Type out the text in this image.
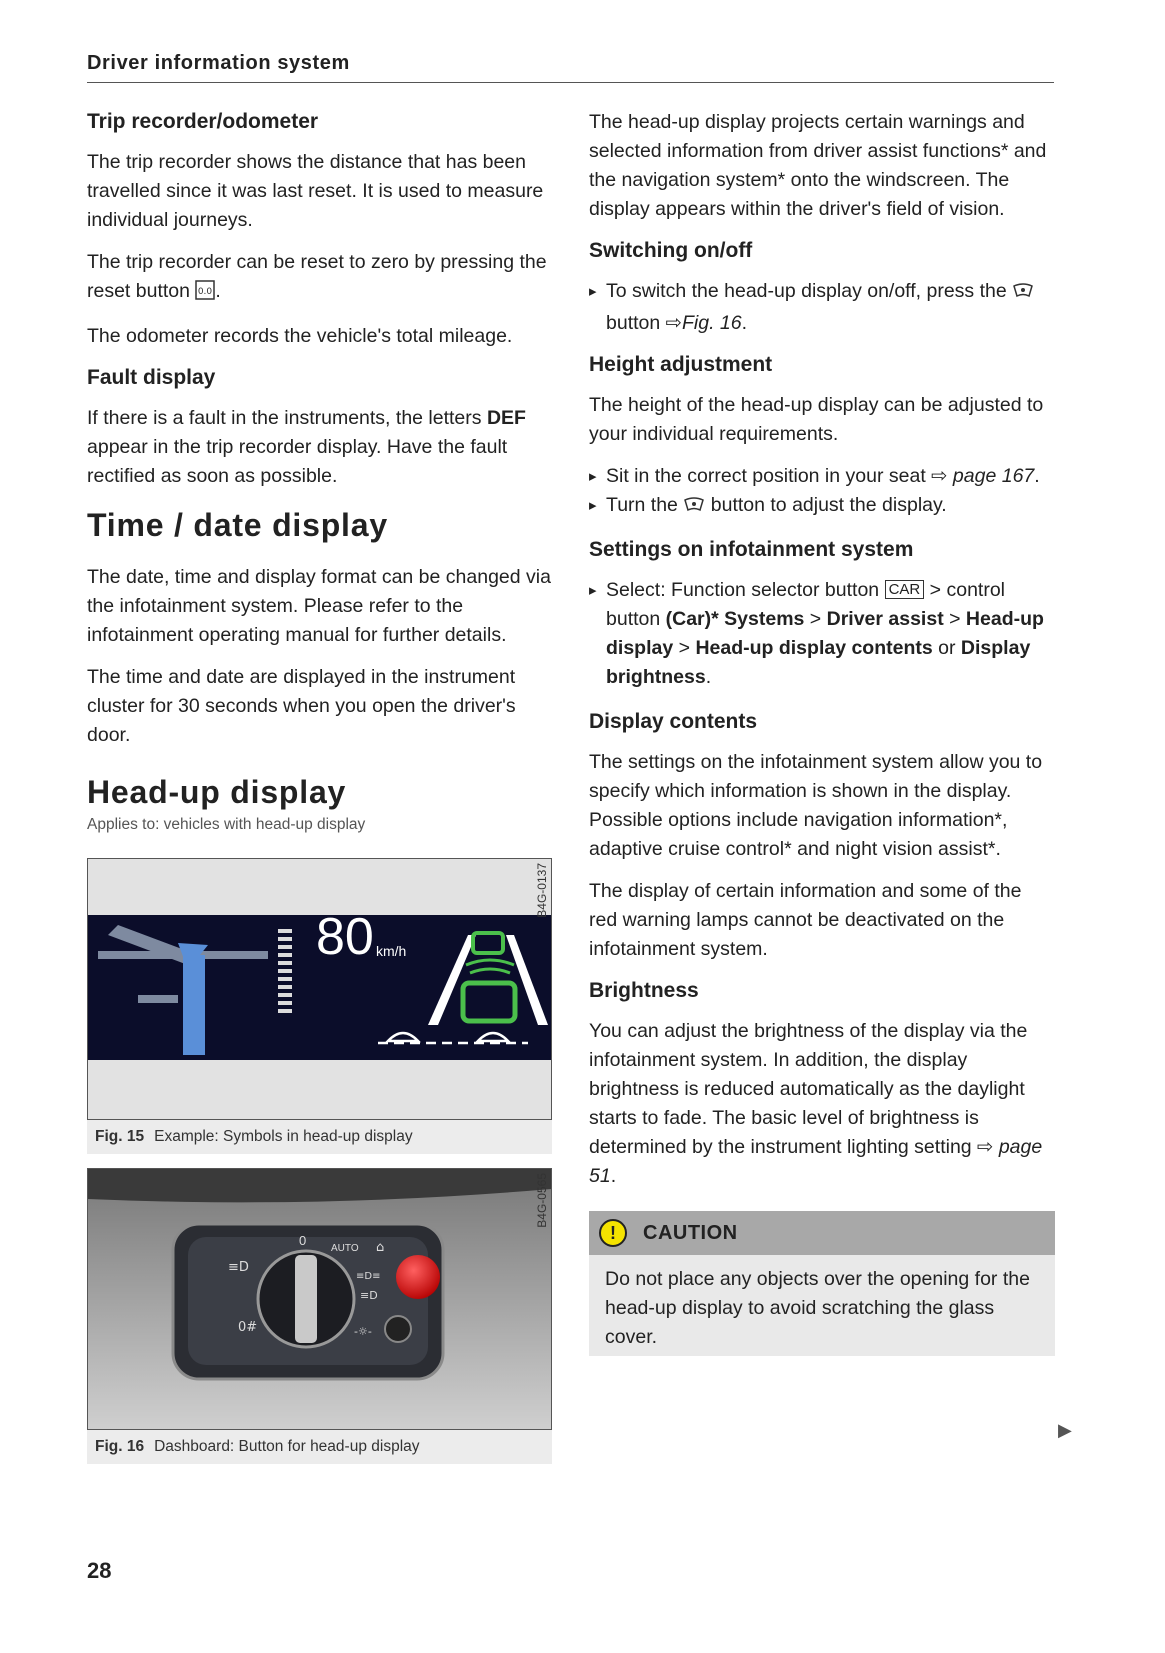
Driver information system
Trip recorder/odometer

The trip recorder shows the distance that has been travelled since it was last reset. It is used to measure individual journeys.

The trip recorder can be reset to zero by pressing the reset button 0.0 .

The odometer records the vehicle's total mileage.

Fault display

If there is a fault in the instruments, the letters DEF appear in the trip recorder display. Have the fault rectified as soon as possible.

Time / date display

The date, time and display format can be changed via the infotainment system. Please refer to the infotainment operating manual for further details.

The time and date are displayed in the instrument cluster for 30 seconds when you open the driver's door.

Head-up display
Applies to: vehicles with head-up display
80 km/h
B4G-0137
Fig. 15 Example: Symbols in head-up display
≡D
0#
⌂
≡D≡
≡D
-☼-
0
AUTO
B4G-0565
Fig. 16 Dashboard: Button for head-up display

The head-up display projects certain warnings and selected information from driver assist functions* and the navigation system* onto the windscreen. The display appears within the driver's field of vision.

Switching on/off
▸ To switch the head-up display on/off, press the  button ⇨Fig. 16.
Height adjustment

The height of the head-up display can be adjusted to your individual requirements.

▸ Sit in the correct position in your seat ⇨ page 167.
▸ Turn the button to adjust the display.
Settings on infotainment system
▸ Select: Function selector button CAR > control button (Car)* Systems > Driver assist > Head-up display > Head-up display contents or Display brightness.
Display contents

The settings on the infotainment system allow you to specify which information is shown in the display. Possible options include navigation information*, adaptive cruise control* and night vision assist*.

The display of certain information and some of the red warning lamps cannot be deactivated on the infotainment system.

Brightness

You can adjust the brightness of the display via the infotainment system. In addition, the display brightness is reduced automatically as the daylight starts to fade. The basic level of brightness is determined by the instrument lighting setting ⇨ page 51.

!	CAUTION

Do not place any objects over the opening for the head-up display to avoid scratching the glass cover.

▶
28
